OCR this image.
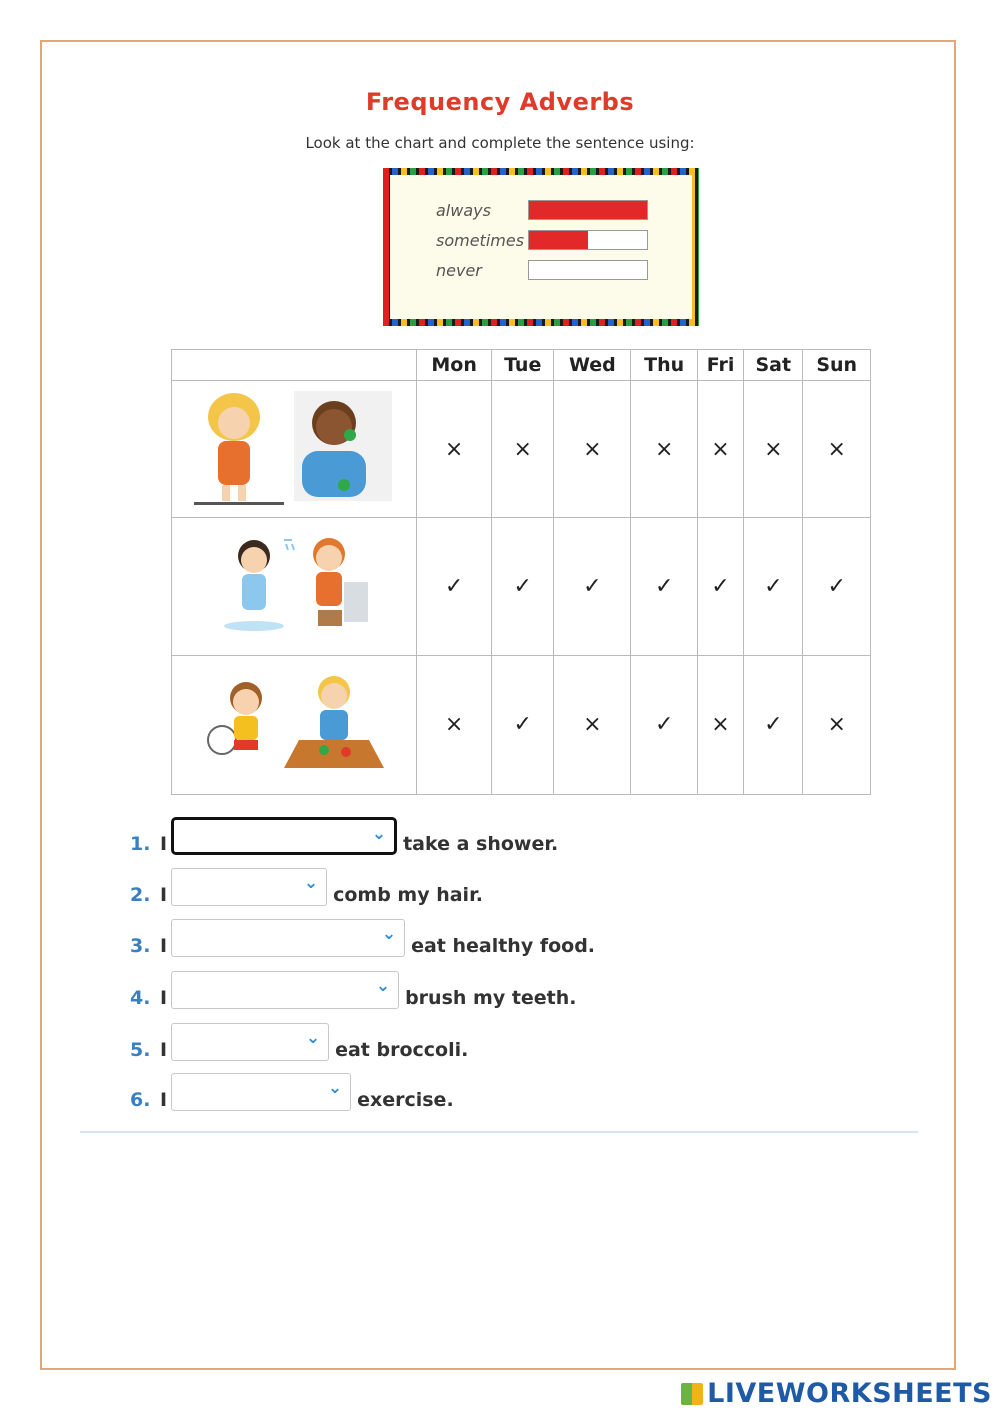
Frequency Adverbs
Look at the chart and complete the sentence using:
always
sometimes
never
	Mon	Tue	Wed	Thu	Fri	Sat	Sun
	×	×	×	×	×	×	×
	✓	✓	✓	✓	✓	✓	✓
	×	✓	×	✓	×	✓	×
1. I	⌄ take a shower.
2. I
⌄
comb my hair.
3. I
⌄
eat healthy food.
4. I
⌄
brush my teeth.
5. I
⌄
eat broccoli.
6. I
⌄
exercise.
LIVEWORKSHEETS
